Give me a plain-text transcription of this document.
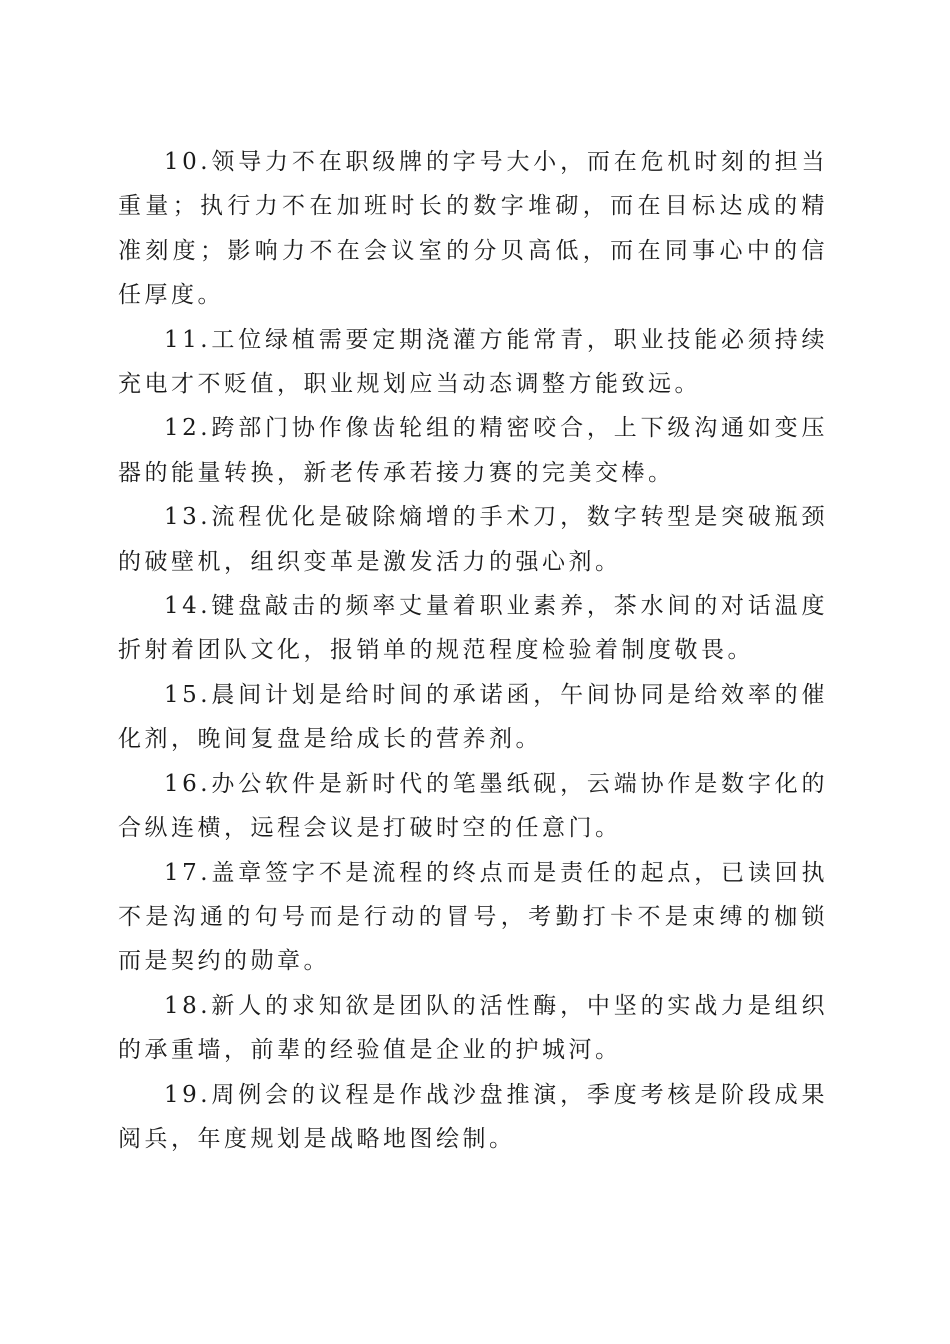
10.领导力不在职级牌的字号大小，而在危机时刻的担当重量；执行力不在加班时长的数字堆砌，而在目标达成的精准刻度；影响力不在会议室的分贝高低，而在同事心中的信任厚度。

11.工位绿植需要定期浇灌方能常青，职业技能必须持续充电才不贬值，职业规划应当动态调整方能致远。

12.跨部门协作像齿轮组的精密咬合，上下级沟通如变压器的能量转换，新老传承若接力赛的完美交棒。

13.流程优化是破除熵增的手术刀，数字转型是突破瓶颈的破壁机，组织变革是激发活力的强心剂。

14.键盘敲击的频率丈量着职业素养，茶水间的对话温度折射着团队文化，报销单的规范程度检验着制度敬畏。

15.晨间计划是给时间的承诺函，午间协同是给效率的催化剂，晚间复盘是给成长的营养剂。

16.办公软件是新时代的笔墨纸砚，云端协作是数字化的合纵连横，远程会议是打破时空的任意门。

17.盖章签字不是流程的终点而是责任的起点，已读回执不是沟通的句号而是行动的冒号，考勤打卡不是束缚的枷锁而是契约的勋章。

18.新人的求知欲是团队的活性酶，中坚的实战力是组织的承重墙，前辈的经验值是企业的护城河。

19.周例会的议程是作战沙盘推演，季度考核是阶段成果阅兵，年度规划是战略地图绘制。
